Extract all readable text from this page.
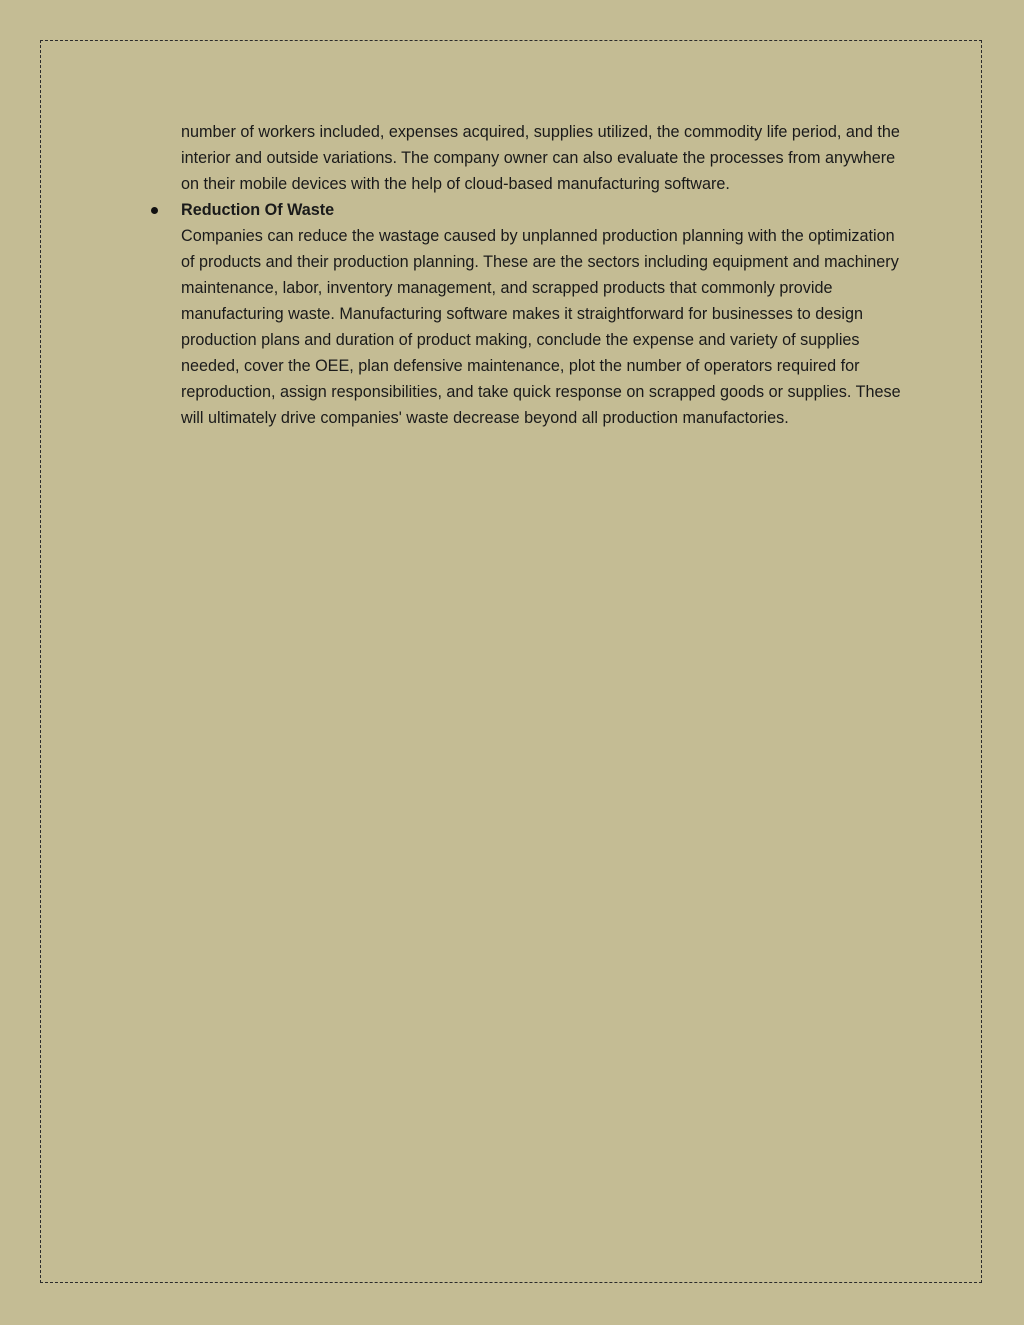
number of workers included, expenses acquired, supplies utilized, the commodity life period, and the interior and outside variations. The company owner can also evaluate the processes from anywhere on their mobile devices with the help of cloud-based manufacturing software.

Reduction Of Waste

Companies can reduce the wastage caused by unplanned production planning with the optimization of products and their production planning. These are the sectors including equipment and machinery maintenance, labor, inventory management, and scrapped products that commonly provide manufacturing waste. Manufacturing software makes it straightforward for businesses to design production plans and duration of product making, conclude the expense and variety of supplies needed, cover the OEE, plan defensive maintenance, plot the number of operators required for reproduction, assign responsibilities, and take quick response on scrapped goods or supplies. These will ultimately drive companies' waste decrease beyond all production manufactories.
